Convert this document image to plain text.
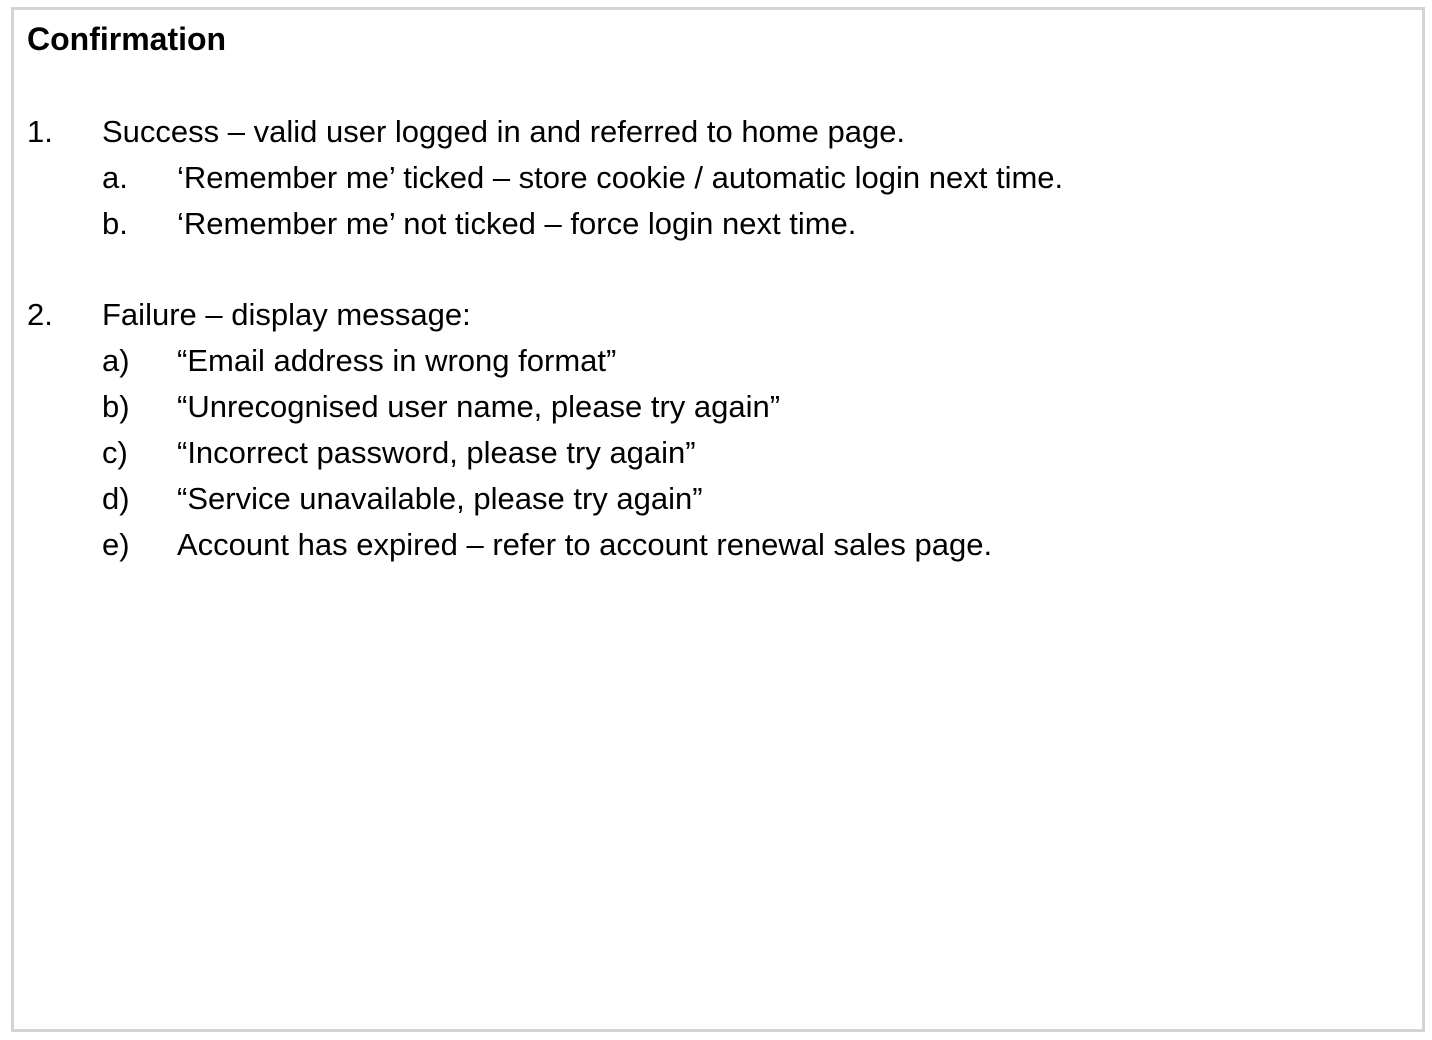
Confirmation
1. Success – valid user logged in and referred to home page.
a. ‘Remember me’ ticked – store cookie / automatic login next time.
b. ‘Remember me’ not ticked – force login next time.
2. Failure – display message:
a) “Email address in wrong format”
b) “Unrecognised user name, please try again”
c) “Incorrect password, please try again”
d) “Service unavailable, please try again”
e) Account has expired – refer to account renewal sales page.
